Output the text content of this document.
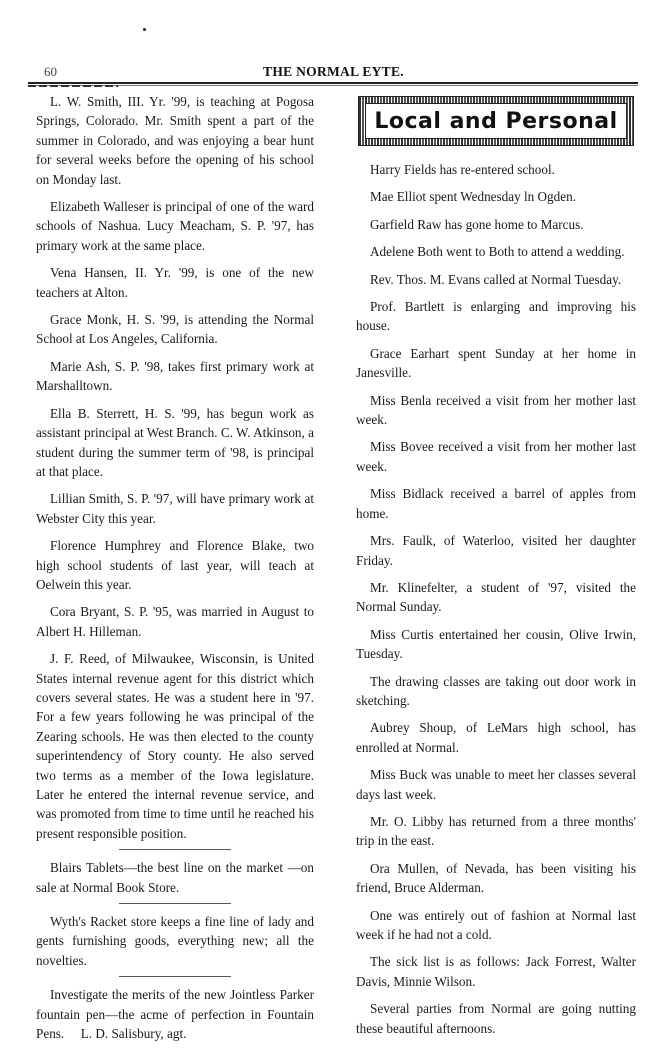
60	THE NORMAL EYTE.

L. W. Smith, III. Yr. '99, is teaching at Pogosa Springs, Colorado. Mr. Smith spent a part of the summer in Colorado, and was enjoying a bear hunt for several weeks before the opening of his school on Monday last.

Elizabeth Walleser is principal of one of the ward schools of Nashua. Lucy Meacham, S. P. '97, has primary work at the same place.

Vena Hansen, II. Yr. '99, is one of the new teachers at Alton.

Grace Monk, H. S. '99, is attending the Normal School at Los Angeles, California.

Marie Ash, S. P. '98, takes first primary work at Marshalltown.

Ella B. Sterrett, H. S. '99, has begun work as assistant principal at West Branch. C. W. Atkinson, a student during the summer term of '98, is principal at that place.

Lillian Smith, S. P. '97, will have primary work at Webster City this year.

Florence Humphrey and Florence Blake, two high school students of last year, will teach at Oelwein this year.

Cora Bryant, S. P. '95, was married in August to Albert H. Hilleman.

J. F. Reed, of Milwaukee, Wisconsin, is United States internal revenue agent for this district which covers several states. He was a student here in '97. For a few years following he was principal of the Zearing schools. He was then elected to the county superintendency of Story county. He also served two terms as a member of the Iowa legislature. Later he entered the internal revenue service, and was promoted from time to time until he reached his present responsible position.

Blairs Tablets—the best line on the market —on sale at Normal Book Store.

Wyth's Racket store keeps a fine line of lady and gents furnishing goods, everything new; all the novelties.

Investigate the merits of the new Jointless Parker fountain pen—the acme of perfection in Fountain Pens.     L. D. Salisbury, agt.

Local and Personal

Harry Fields has re-entered school.

Mae Elliot spent Wednesday ln Ogden.

Garfield Raw has gone home to Marcus.

Adelene Both went to Both to attend a wedding.

Rev. Thos. M. Evans called at Normal Tuesday.

Prof. Bartlett is enlarging and improving his house.

Grace Earhart spent Sunday at her home in Janesville.

Miss Benla received a visit from her mother last week.

Miss Bovee received a visit from her mother last week.

Miss Bidlack received a barrel of apples from home.

Mrs. Faulk, of Waterloo, visited her daughter Friday.

Mr. Klinefelter, a student of '97, visited the Normal Sunday.

Miss Curtis entertained her cousin, Olive Irwin, Tuesday.

The drawing classes are taking out door work in sketching.

Aubrey Shoup, of LeMars high school, has enrolled at Normal.

Miss Buck was unable to meet her classes several days last week.

Mr. O. Libby has returned from a three months' trip in the east.

Ora Mullen, of Nevada, has been visiting his friend, Bruce Alderman.

One was entirely out of fashion at Normal last week if he had not a cold.

The sick list is as follows: Jack Forrest, Walter Davis, Minnie Wilson.

Several parties from Normal are going nutting these beautiful afternoons.
